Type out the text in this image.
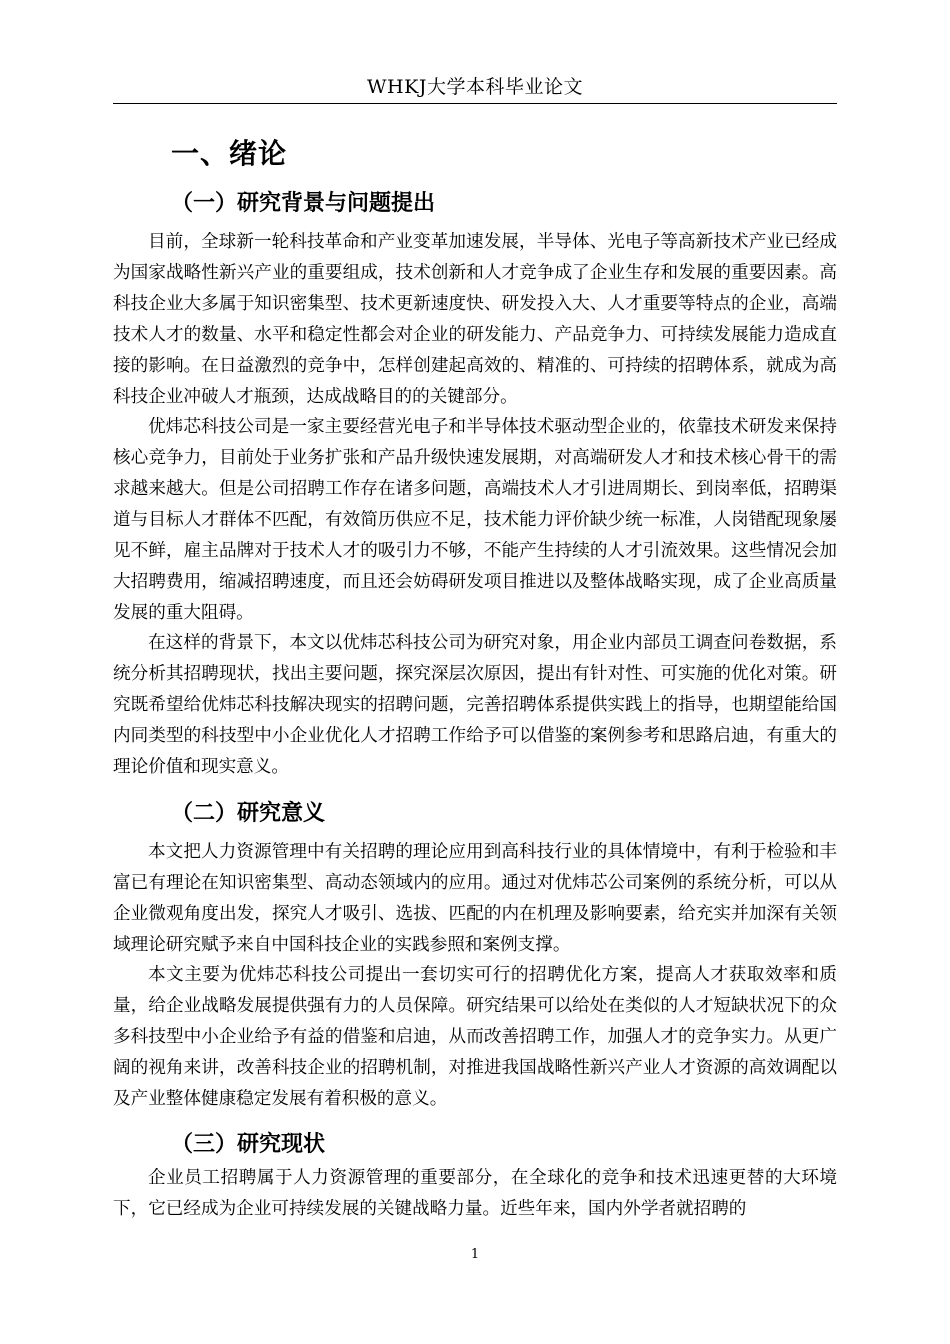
WHKJ大学本科毕业论文
一、绪论
（一）研究背景与问题提出

目前，全球新一轮科技革命和产业变革加速发展，半导体、光电子等高新技术产业已经成为国家战略性新兴产业的重要组成，技术创新和人才竞争成了企业生存和发展的重要因素。高科技企业大多属于知识密集型、技术更新速度快、研发投入大、人才重要等特点的企业，高端技术人才的数量、水平和稳定性都会对企业的研发能力、产品竞争力、可持续发展能力造成直接的影响。在日益激烈的竞争中，怎样创建起高效的、精准的、可持续的招聘体系，就成为高科技企业冲破人才瓶颈，达成战略目的的关键部分。

优炜芯科技公司是一家主要经营光电子和半导体技术驱动型企业的，依靠技术研发来保持核心竞争力，目前处于业务扩张和产品升级快速发展期，对高端研发人才和技术核心骨干的需求越来越大。但是公司招聘工作存在诸多问题，高端技术人才引进周期长、到岗率低，招聘渠道与目标人才群体不匹配，有效简历供应不足，技术能力评价缺少统一标准，人岗错配现象屡见不鲜，雇主品牌对于技术人才的吸引力不够，不能产生持续的人才引流效果。这些情况会加大招聘费用，缩减招聘速度，而且还会妨碍研发项目推进以及整体战略实现，成了企业高质量发展的重大阻碍。

在这样的背景下，本文以优炜芯科技公司为研究对象，用企业内部员工调查问卷数据，系统分析其招聘现状，找出主要问题，探究深层次原因，提出有针对性、可实施的优化对策。研究既希望给优炜芯科技解决现实的招聘问题，完善招聘体系提供实践上的指导，也期望能给国内同类型的科技型中小企业优化人才招聘工作给予可以借鉴的案例参考和思路启迪，有重大的理论价值和现实意义。

（二）研究意义

本文把人力资源管理中有关招聘的理论应用到高科技行业的具体情境中，有利于检验和丰富已有理论在知识密集型、高动态领域内的应用。通过对优炜芯公司案例的系统分析，可以从企业微观角度出发，探究人才吸引、选拔、匹配的内在机理及影响要素，给充实并加深有关领域理论研究赋予来自中国科技企业的实践参照和案例支撑。

本文主要为优炜芯科技公司提出一套切实可行的招聘优化方案，提高人才获取效率和质量，给企业战略发展提供强有力的人员保障。研究结果可以给处在类似的人才短缺状况下的众多科技型中小企业给予有益的借鉴和启迪，从而改善招聘工作，加强人才的竞争实力。从更广阔的视角来讲，改善科技企业的招聘机制，对推进我国战略性新兴产业人才资源的高效调配以及产业整体健康稳定发展有着积极的意义。

（三）研究现状

企业员工招聘属于人力资源管理的重要部分，在全球化的竞争和技术迅速更替的大环境下，它已经成为企业可持续发展的关键战略力量。近些年来，国内外学者就招聘的

1
